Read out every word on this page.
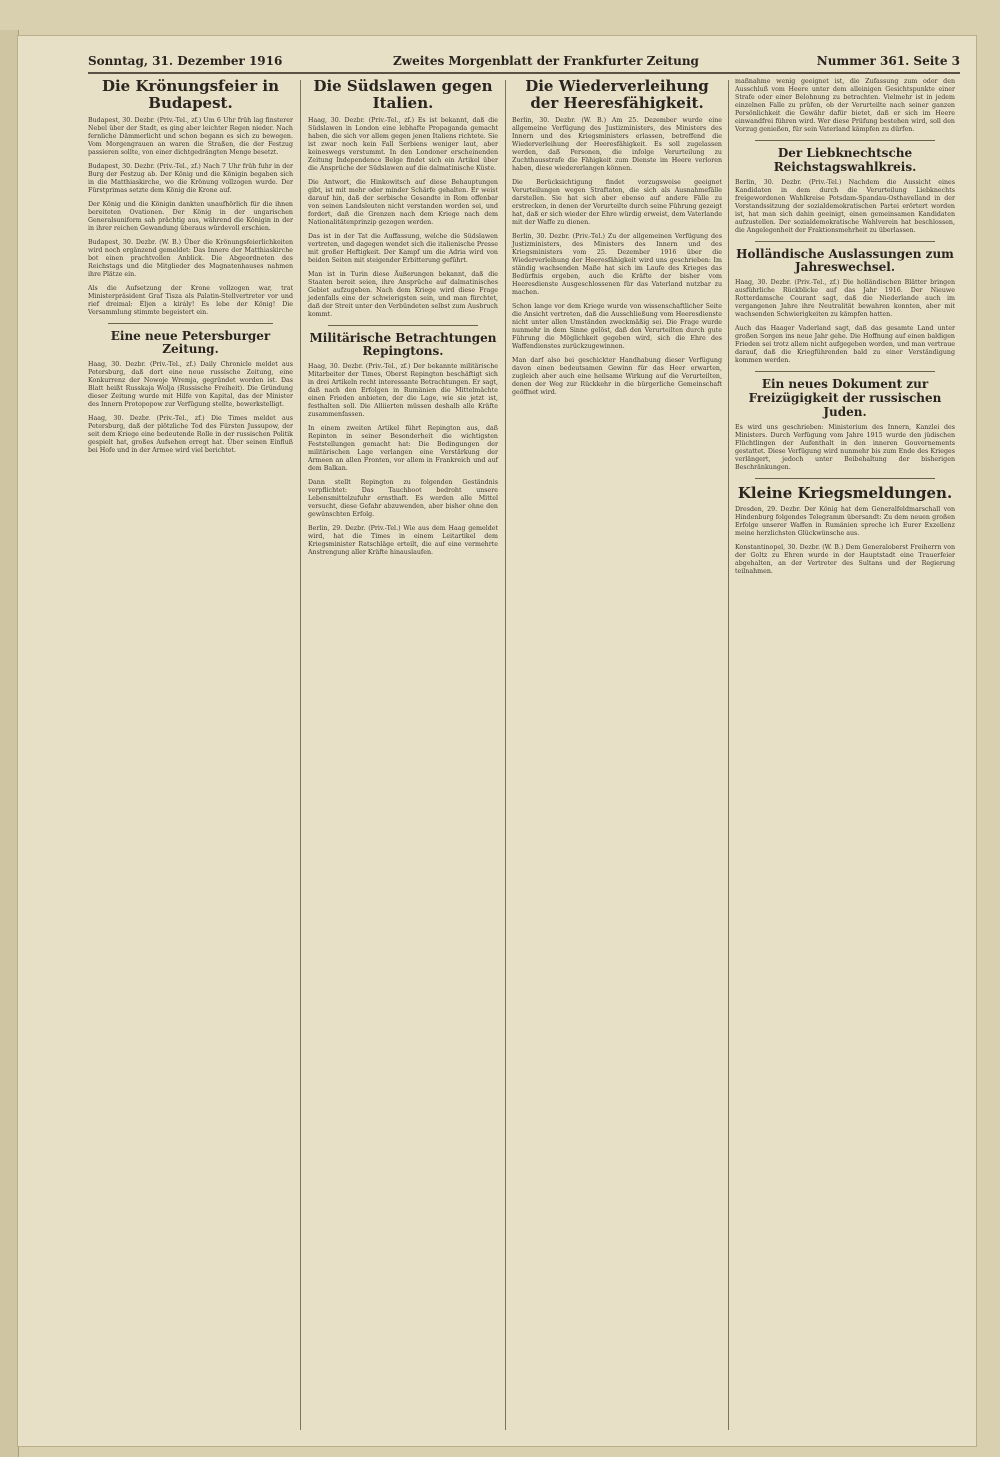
Sonntag, 31. Dezember 1916	Zweites Morgenblatt der Frankfurter Zeitung	Nummer 361. Seite 3
Die Krönungsfeier in Budapest.

Budapest, 30. Dezbr. (Priv.-Tel., zf.) Um 6 Uhr früh lag finsterer Nebel über der Stadt, es ging aber leichter Regen nieder. Nach fernliche Dämmerlicht und schon begann es sich zu bewegen. Vom Morgengrauen an waren die Straßen, die der Festzug passieren sollte, von einer dichtgedrängten Menge besetzt.

Budapest, 30. Dezbr. (Priv.-Tel., zf.) Nach 7 Uhr früh fuhr in der Burg der Festzug ab. Der König und die Königin begaben sich in die Matthiaskirche, wo die Krönung vollzogen wurde. Der Fürstprimas setzte dem König die Krone auf.

Der König und die Königin dankten unaufhörlich für die ihnen bereiteten Ovationen. Der König in der ungarischen Generalsuniform sah prächtig aus, während die Königin in der in ihrer reichen Gewandung überaus würdevoll erschien.

Budapest, 30. Dezbr. (W. B.) Über die Krönungsfeierlichkeiten wird noch ergänzend gemeldet: Das Innere der Matthiaskirche bot einen prachtvollen Anblick. Die Abgeordneten des Reichstags und die Mitglieder des Magnatenhauses nahmen ihre Plätze ein.

Als die Aufsetzung der Krone vollzogen war, trat Ministerpräsident Graf Tisza als Palatin-Stellvertreter vor und rief dreimal: Éljen a király! Es lebe der König! Die Versammlung stimmte begeistert ein.

Eine neue Petersburger Zeitung.

Haag, 30. Dezbr. (Priv.-Tel., zf.) Daily Chronicle meldet aus Petersburg, daß dort eine neue russische Zeitung, eine Konkurrenz der Nowoje Wremja, gegründet worden ist. Das Blatt heißt Russkaja Wolja (Russische Freiheit). Die Gründung dieser Zeitung wurde mit Hilfe von Kapital, das der Minister des Innern Protopopow zur Verfügung stellte, bewerkstelligt.

Haag, 30. Dezbr. (Priv.-Tel., zf.) Die Times meldet aus Petersburg, daß der plötzliche Tod des Fürsten Jussupow, der seit dem Kriege eine bedeutende Rolle in der russischen Politik gespielt hat, großes Aufsehen erregt hat. Über seinen Einfluß bei Hofe und in der Armee wird viel berichtet.

Die Südslawen gegen Italien.

Haag, 30. Dezbr. (Priv.-Tel., zf.) Es ist bekannt, daß die Südslawen in London eine lebhafte Propaganda gemacht haben, die sich vor allem gegen jenen Italiens richtete. Sie ist zwar noch kein Fall Serbiens weniger laut, aber keineswegs verstummt. In den Londoner erscheinenden Zeitung Independence Belge findet sich ein Artikel über die Ansprüche der Südslawen auf die dalmatinische Küste.

Die Antwort, die Hinkowitsch auf diese Behauptungen gibt, ist mit mehr oder minder Schärfe gehalten. Er weist darauf hin, daß der serbische Gesandte in Rom offenbar von seinen Landsleuten nicht verstanden worden sei, und fordert, daß die Grenzen nach dem Kriege nach dem Nationalitätenprinzip gezogen werden.

Das ist in der Tat die Auffassung, welche die Südslawen vertreten, und dagegen wendet sich die italienische Presse mit großer Heftigkeit. Der Kampf um die Adria wird von beiden Seiten mit steigender Erbitterung geführt.

Man ist in Turin diese Äußerungen bekannt, daß die Staaten bereit seien, ihre Ansprüche auf dalmatinisches Gebiet aufzugeben. Nach dem Kriege wird diese Frage jedenfalls eine der schwierigsten sein, und man fürchtet, daß der Streit unter den Verbündeten selbst zum Ausbruch kommt.

Militärische Betrachtungen Repingtons.

Haag, 30. Dezbr. (Priv.-Tel., zf.) Der bekannte militärische Mitarbeiter der Times, Oberst Repington beschäftigt sich in drei Artikeln recht interessante Betrachtungen. Er sagt, daß nach den Erfolgen in Rumänien die Mittelmächte einen Frieden anbieten, der die Lage, wie sie jetzt ist, festhalten soll. Die Alliierten müssen deshalb alle Kräfte zusammenfassen.

In einem zweiten Artikel führt Repington aus, daß Repinton in seiner Besonderheit die wichtigsten Feststellungen gemacht hat: Die Bedingungen der militärischen Lage verlangen eine Verstärkung der Armeen an allen Fronten, vor allem in Frankreich und auf dem Balkan.

Dann stellt Repington zu folgenden Geständnis verpflichtet: Das Tauchboot bedroht unsere Lebensmittelzufuhr ernsthaft. Es werden alle Mittel versucht, diese Gefahr abzuwenden, aber bisher ohne den gewünschten Erfolg.

Berlin, 29. Dezbr. (Priv.-Tel.) Wie aus dem Haag gemeldet wird, hat die Times in einem Leitartikel dem Kriegsminister Ratschläge erteilt, die auf eine vermehrte Anstrengung aller Kräfte hinauslaufen.

Die Wiederverleihung der Heeresfähigkeit.

Berlin, 30. Dezbr. (W. B.) Am 25. Dezember wurde eine allgemeine Verfügung des Justizministers, des Ministers des Innern und des Kriegsministers erlassen, betreffend die Wiederverleihung der Heeresfähigkeit. Es soll zugelassen werden, daß Personen, die infolge Verurteilung zu Zuchthausstrafe die Fähigkeit zum Dienste im Heere verloren haben, diese wiedererlangen können.

Die Berücksichtigung findet vorzugsweise geeignet Verurteilungen wegen Straftaten, die sich als Ausnahmefälle darstellen. Sie hat sich aber ebenso auf andere Fälle zu erstrecken, in denen der Verurteilte durch seine Führung gezeigt hat, daß er sich wieder der Ehre würdig erweist, dem Vaterlande mit der Waffe zu dienen.

Berlin, 30. Dezbr. (Priv.-Tel.) Zu der allgemeinen Verfügung des Justizministers, des Ministers des Innern und des Kriegsministers vom 25. Dezember 1916 über die Wiederverleihung der Heeresfähigkeit wird uns geschrieben: Im ständig wachsenden Maße hat sich im Laufe des Krieges das Bedürfnis ergeben, auch die Kräfte der bisher vom Heeresdienste Ausgeschlossenen für das Vaterland nutzbar zu machen.

Schon lange vor dem Kriege wurde von wissenschaftlicher Seite die Ansicht vertreten, daß die Ausschließung vom Heeresdienste nicht unter allen Umständen zweckmäßig sei. Die Frage wurde nunmehr in dem Sinne gelöst, daß den Verurteilten durch gute Führung die Möglichkeit gegeben wird, sich die Ehre des Waffendienstes zurückzugewinnen.

Man darf also bei geschickter Handhabung dieser Verfügung davon einen bedeutsamen Gewinn für das Heer erwarten, zugleich aber auch eine heilsame Wirkung auf die Verurteilten, denen der Weg zur Rückkehr in die bürgerliche Gemeinschaft geöffnet wird.

maßnahme wenig geeignet ist, die Zufassung zum oder den Ausschluß vom Heere unter dem alleinigen Gesichtspunkte einer Strafe oder einer Belohnung zu betrachten. Vielmehr ist in jedem einzelnen Falle zu prüfen, ob der Verurteilte nach seiner ganzen Persönlichkeit die Gewähr dafür bietet, daß er sich im Heere einwandfrei führen wird. Wer diese Prüfung bestehen wird, soll den Vorzug genießen, für sein Vaterland kämpfen zu dürfen.

Der Liebknechtsche Reichstagswahlkreis.

Berlin, 30. Dezbr. (Priv.-Tel.) Nachdem die Aussicht eines Kandidaten in dem durch die Verurteilung Liebknechts freigewordenen Wahlkreise Potsdam-Spandau-Osthavelland in der Vorstandssitzung der sozialdemokratischen Partei erörtert worden ist, hat man sich dahin geeinigt, einen gemeinsamen Kandidaten aufzustellen. Der sozialdemokratische Wahlverein hat beschlossen, die Angelegenheit der Fraktionsmehrheit zu überlassen.

Holländische Auslassungen zum Jahreswechsel.

Haag, 30. Dezbr. (Priv.-Tel., zf.) Die holländischen Blätter bringen ausführliche Rückblicke auf das Jahr 1916. Der Nieuwe Rotterdamsche Courant sagt, daß die Niederlande auch im vergangenen Jahre ihre Neutralität bewahren konnten, aber mit wachsenden Schwierigkeiten zu kämpfen hatten.

Auch das Haager Vaderland sagt, daß das gesamte Land unter großen Sorgen ins neue Jahr gehe. Die Hoffnung auf einen baldigen Frieden sei trotz allem nicht aufgegeben worden, und man vertraue darauf, daß die Kriegführenden bald zu einer Verständigung kommen werden.

Ein neues Dokument zur Freizügigkeit der russischen Juden.

Es wird uns geschrieben: Ministerium des Innern, Kanzlei des Ministers. Durch Verfügung vom Jahre 1915 wurde den jüdischen Flüchtlingen der Aufenthalt in den inneren Gouvernements gestattet. Diese Verfügung wird nunmehr bis zum Ende des Krieges verlängert, jedoch unter Beibehaltung der bisherigen Beschränkungen.

Kleine Kriegsmeldungen.

Dresden, 29. Dezbr. Der König hat dem Generalfeldmarschall von Hindenburg folgendes Telegramm übersandt: Zu dem neuen großen Erfolge unserer Waffen in Rumänien spreche ich Eurer Exzellenz meine herzlichsten Glückwünsche aus.

Konstantinopel, 30. Dezbr. (W. B.) Dem Generaloberst Freiherrn von der Goltz zu Ehren wurde in der Hauptstadt eine Trauerfeier abgehalten, an der Vertreter des Sultans und der Regierung teilnahmen.
